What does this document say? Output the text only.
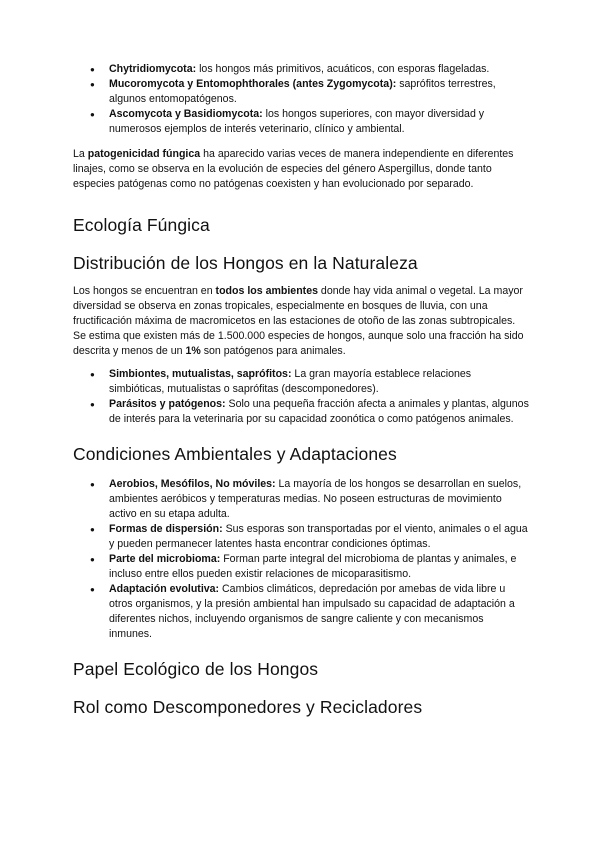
● Chytridiomycota: los hongos más primitivos, acuáticos, con esporas flageladas.
● Mucoromycota y Entomophthorales (antes Zygomycota): saprófitos terrestres, algunos entomopatógenos.
● Ascomycota y Basidiomycota: los hongos superiores, con mayor diversidad y numerosos ejemplos de interés veterinario, clínico y ambiental.

La patogenicidad fúngica ha aparecido varias veces de manera independiente en diferentes linajes, como se observa en la evolución de especies del género Aspergillus, donde tanto especies patógenas como no patógenas coexisten y han evolucionado por separado.

Ecología Fúngica
Distribución de los Hongos en la Naturaleza

Los hongos se encuentran en todos los ambientes donde hay vida animal o vegetal. La mayor diversidad se observa en zonas tropicales, especialmente en bosques de lluvia, con una fructificación máxima de macromicetos en las estaciones de otoño de las zonas subtropicales. Se estima que existen más de 1.500.000 especies de hongos, aunque solo una fracción ha sido descrita y menos de un 1% son patógenos para animales.

● Simbiontes, mutualistas, saprófitos: La gran mayoría establece relaciones simbióticas, mutualistas o saprófitas (descomponedores).
● Parásitos y patógenos: Solo una pequeña fracción afecta a animales y plantas, algunos de interés para la veterinaria por su capacidad zoonótica o como patógenos animales.
Condiciones Ambientales y Adaptaciones
● Aerobios, Mesófilos, No móviles: La mayoría de los hongos se desarrollan en suelos, ambientes aeróbicos y temperaturas medias. No poseen estructuras de movimiento activo en su etapa adulta.
● Formas de dispersión: Sus esporas son transportadas por el viento, animales o el agua y pueden permanecer latentes hasta encontrar condiciones óptimas.
● Parte del microbioma: Forman parte integral del microbioma de plantas y animales, e incluso entre ellos pueden existir relaciones de micoparasitismo.
● Adaptación evolutiva: Cambios climáticos, depredación por amebas de vida libre u otros organismos, y la presión ambiental han impulsado su capacidad de adaptación a diferentes nichos, incluyendo organismos de sangre caliente y con mecanismos inmunes.
Papel Ecológico de los Hongos
Rol como Descomponedores y Recicladores
